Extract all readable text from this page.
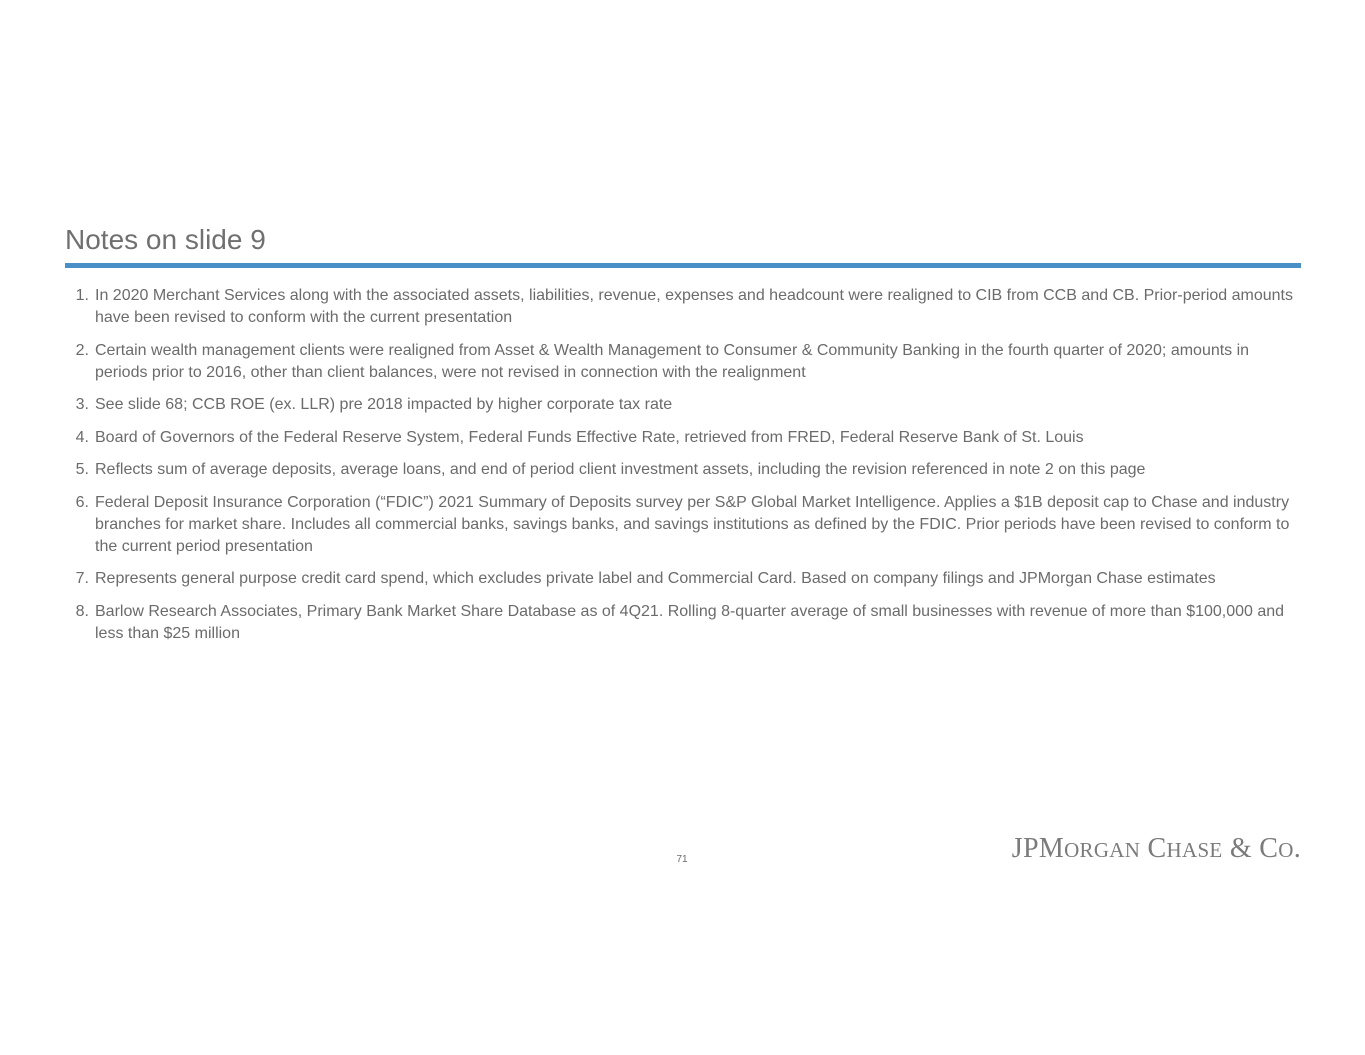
Notes on slide 9
1. In 2020 Merchant Services along with the associated assets, liabilities, revenue, expenses and headcount were realigned to CIB from CCB and CB. Prior-period amounts have been revised to conform with the current presentation
2. Certain wealth management clients were realigned from Asset & Wealth Management to Consumer & Community Banking in the fourth quarter of 2020; amounts in periods prior to 2016, other than client balances, were not revised in connection with the realignment
3. See slide 68; CCB ROE (ex. LLR) pre 2018 impacted by higher corporate tax rate
4. Board of Governors of the Federal Reserve System, Federal Funds Effective Rate, retrieved from FRED, Federal Reserve Bank of St. Louis
5. Reflects sum of average deposits, average loans, and end of period client investment assets, including the revision referenced in note 2 on this page
6. Federal Deposit Insurance Corporation (“FDIC”) 2021 Summary of Deposits survey per S&P Global Market Intelligence. Applies a $1B deposit cap to Chase and industry branches for market share. Includes all commercial banks, savings banks, and savings institutions as defined by the FDIC. Prior periods have been revised to conform to the current period presentation
7. Represents general purpose credit card spend, which excludes private label and Commercial Card. Based on company filings and JPMorgan Chase estimates
8. Barlow Research Associates, Primary Bank Market Share Database as of 4Q21. Rolling 8-quarter average of small businesses with revenue of more than $100,000 and less than $25 million
71	JPMORGAN CHASE & CO.
